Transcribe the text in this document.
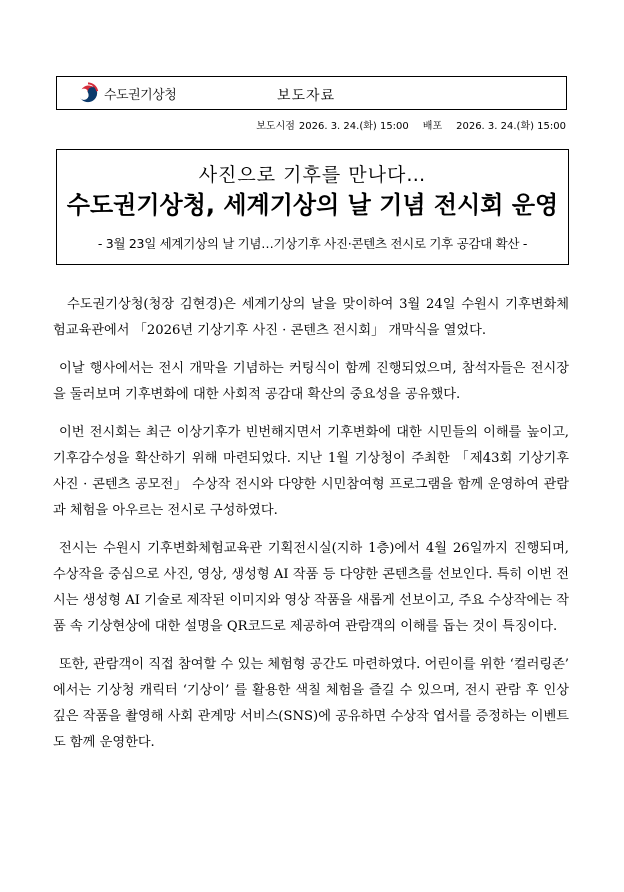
수도권기상청	보도자료
보도시점 2026. 3. 24.(화) 15:00 배포 2026. 3. 24.(화) 15:00
사진으로 기후를 만나다…
수도권기상청, 세계기상의 날 기념 전시회 운영
- 3월 23일 세계기상의 날 기념…기상기후 사진·콘텐츠 전시로 기후 공감대 확산 -

수도권기상청(청장 김현경)은 세계기상의 날을 맞이하여 3월 24일 수원시 기후변화체험교육관에서 「2026년 기상기후 사진 · 콘텐츠 전시회」 개막식을 열었다.

이날 행사에서는 전시 개막을 기념하는 커팅식이 함께 진행되었으며, 참석자들은 전시장을 둘러보며 기후변화에 대한 사회적 공감대 확산의 중요성을 공유했다.

이번 전시회는 최근 이상기후가 빈번해지면서 기후변화에 대한 시민들의 이해를 높이고, 기후감수성을 확산하기 위해 마련되었다. 지난 1월 기상청이 주최한 「제43회 기상기후 사진 · 콘텐츠 공모전」 수상작 전시와 다양한 시민참여형 프로그램을 함께 운영하여 관람과 체험을 아우르는 전시로 구성하였다.

전시는 수원시 기후변화체험교육관 기획전시실(지하 1층)에서 4월 26일까지 진행되며, 수상작을 중심으로 사진, 영상, 생성형 AI 작품 등 다양한 콘텐츠를 선보인다. 특히 이번 전시는 생성형 AI 기술로 제작된 이미지와 영상 작품을 새롭게 선보이고, 주요 수상작에는 작품 속 기상현상에 대한 설명을 QR코드로 제공하여 관람객의 이해를 돕는 것이 특징이다.

또한, 관람객이 직접 참여할 수 있는 체험형 공간도 마련하였다. 어린이를 위한 ‘컬러링존’ 에서는 기상청 캐릭터 ‘기상이’ 를 활용한 색칠 체험을 즐길 수 있으며, 전시 관람 후 인상 깊은 작품을 촬영해 사회 관계망 서비스(SNS)에 공유하면 수상작 엽서를 증정하는 이벤트도 함께 운영한다.
